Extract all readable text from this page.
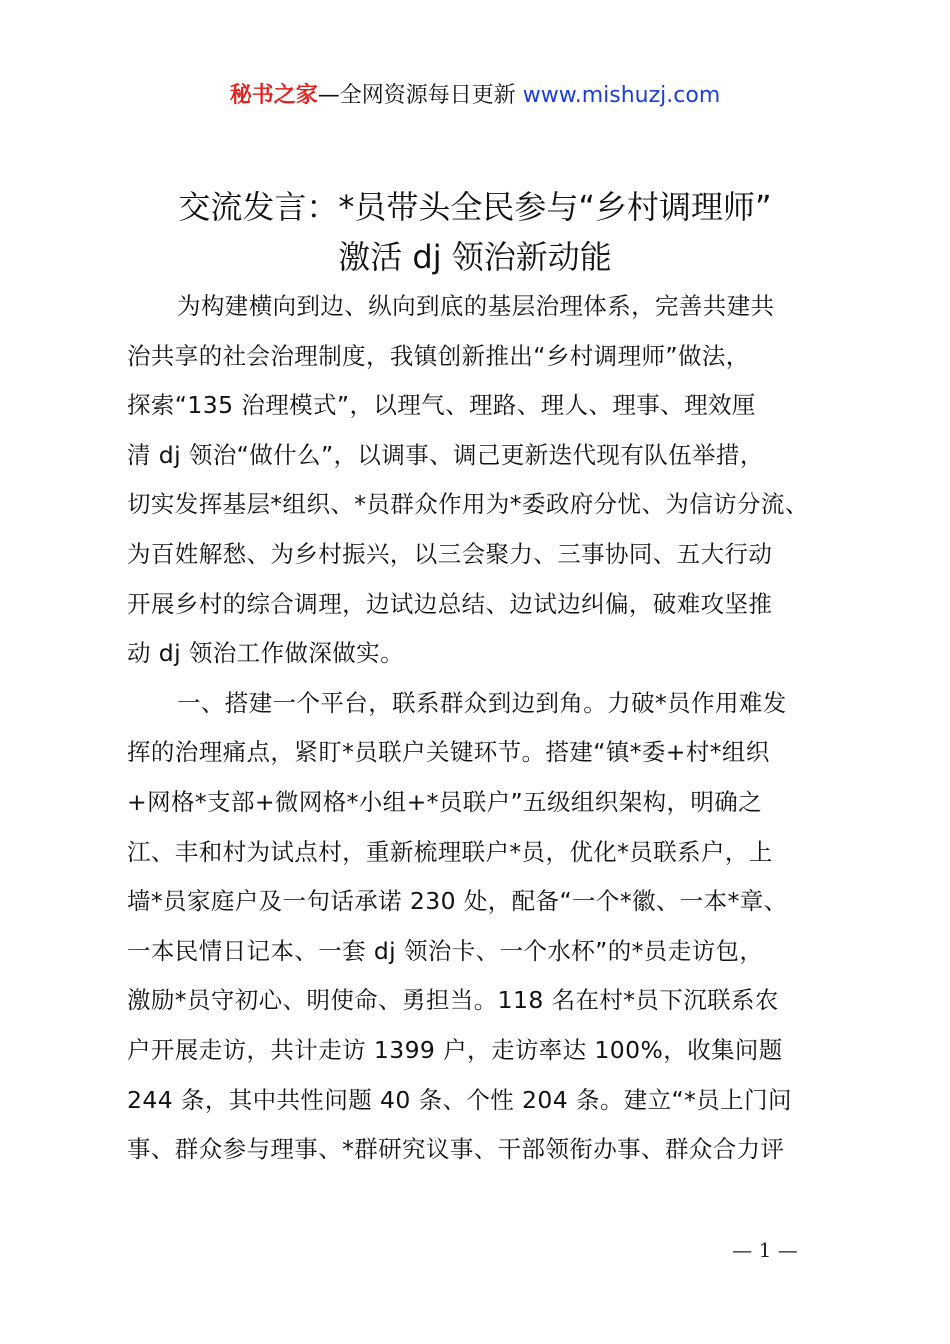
秘书之家—全网资源每日更新 www.mishuzj.com
交流发言：*员带头全民参与“乡村调理师”
激活 dj 领治新动能
为构建横向到边、纵向到底的基层治理体系，完善共建共
治共享的社会治理制度，我镇创新推出“乡村调理师”做法，
探索“135 治理模式”，以理气、理路、理人、理事、理效厘
清 dj 领治“做什么”，以调事、调己更新迭代现有队伍举措，
切实发挥基层*组织、*员群众作用为*委政府分忧、为信访分流、
为百姓解愁、为乡村振兴，以三会聚力、三事协同、五大行动
开展乡村的综合调理，边试边总结、边试边纠偏，破难攻坚推
动 dj 领治工作做深做实。
一、搭建一个平台，联系群众到边到角。力破*员作用难发
挥的治理痛点，紧盯*员联户关键环节。搭建“镇*委+村*组织
+网格*支部+微网格*小组+*员联户”五级组织架构，明确之
江、丰和村为试点村，重新梳理联户*员，优化*员联系户，上
墙*员家庭户及一句话承诺 230 处，配备“一个*徽、一本*章、
一本民情日记本、一套 dj 领治卡、一个水杯”的*员走访包，
激励*员守初心、明使命、勇担当。118 名在村*员下沉联系农
户开展走访，共计走访 1399 户，走访率达 100%，收集问题
244 条，其中共性问题 40 条、个性 204 条。建立“*员上门问
事、群众参与理事、*群研究议事、干部领衔办事、群众合力评
— 1 —
